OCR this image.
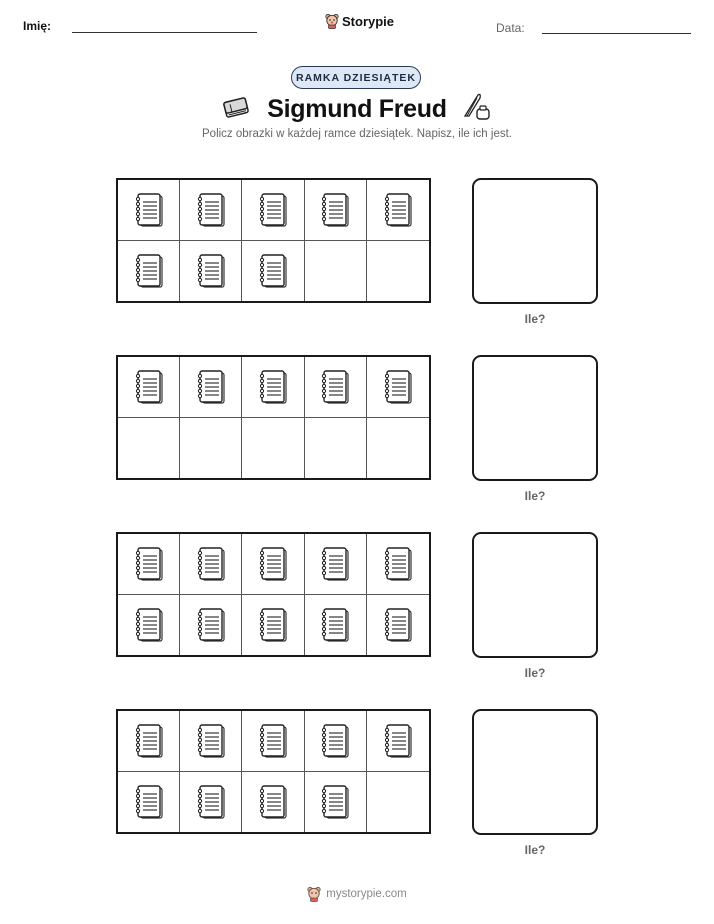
Imię:	Storypie	Data:
RAMKA DZIESIĄTEK
Sigmund Freud
Policz obrazki w każdej ramce dziesiątek. Napisz, ile ich jest.
Ile?
Ile?
Ile?
Ile?
mystorypie.com
